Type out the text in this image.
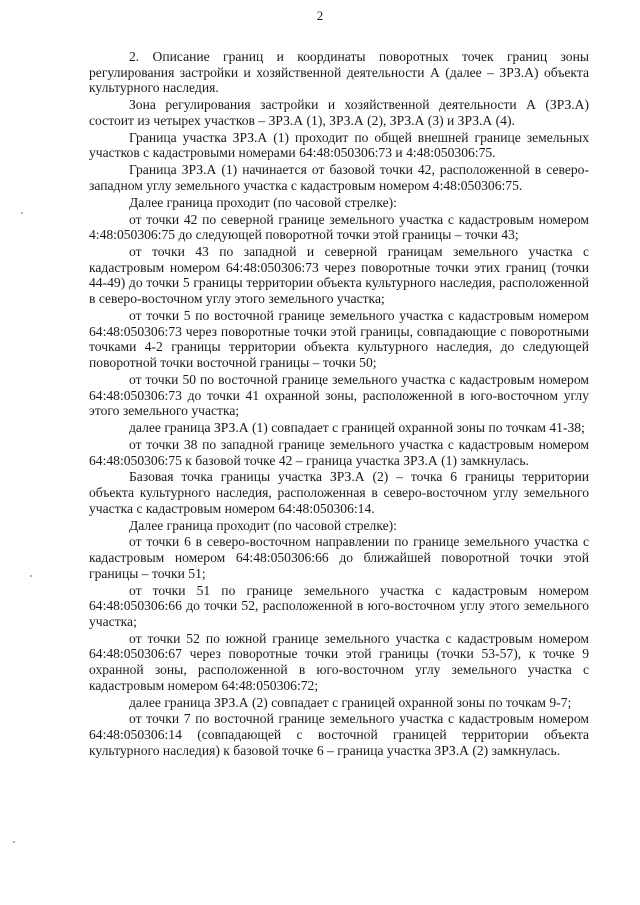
2

2. Описание границ и координаты поворотных точек границ зоны регулирования застройки и хозяйственной деятельности А (далее – ЗРЗ.А) объекта культурного наследия.

Зона регулирования застройки и хозяйственной деятельности А (ЗРЗ.А) состоит из четырех участков – ЗРЗ.А (1), ЗРЗ.А (2), ЗРЗ.А (3) и ЗРЗ.А (4).

Граница участка ЗРЗ.А (1) проходит по общей внешней границе земельных участков с кадастровыми номерами 64:48:050306:73 и 4:48:050306:75.

Граница ЗРЗ.А (1) начинается от базовой точки 42, расположенной в северо-западном углу земельного участка с кадастровым номером 4:48:050306:75.

Далее граница проходит (по часовой стрелке):

от точки 42 по северной границе земельного участка с кадастровым номером 4:48:050306:75 до следующей поворотной точки этой границы – точки 43;

от точки 43 по западной и северной границам земельного участка с кадастровым номером 64:48:050306:73 через поворотные точки этих границ (точки 44-49) до точки 5 границы территории объекта культурного наследия, расположенной в северо-восточном углу этого земельного участка;

от точки 5 по восточной границе земельного участка с кадастровым номером 64:48:050306:73 через поворотные точки этой границы, совпадающие с поворотными точками 4-2 границы территории объекта культурного наследия, до следующей поворотной точки восточной границы – точки 50;

от точки 50 по восточной границе земельного участка с кадастровым номером 64:48:050306:73 до точки 41 охранной зоны, расположенной в юго-восточном углу этого земельного участка;

далее граница ЗРЗ.А (1) совпадает с границей охранной зоны по точкам 41-38;

от точки 38 по западной границе земельного участка с кадастровым номером 64:48:050306:75 к базовой точке 42 – граница участка ЗРЗ.А (1) замкнулась.

Базовая точка границы участка ЗРЗ.А (2) – точка 6 границы территории объекта культурного наследия, расположенная в северо-восточном углу земельного участка с кадастровым номером 64:48:050306:14.

Далее граница проходит (по часовой стрелке):

от точки 6 в северо-восточном направлении по границе земельного участка с кадастровым номером 64:48:050306:66 до ближайшей поворотной точки этой границы – точки 51;

от точки 51 по границе земельного участка с кадастровым номером 64:48:050306:66 до точки 52, расположенной в юго-восточном углу этого земельного участка;

от точки 52 по южной границе земельного участка с кадастровым номером 64:48:050306:67 через поворотные точки этой границы (точки 53-57), к точке 9 охранной зоны, расположенной в юго-восточном углу земельного участка с кадастровым номером 64:48:050306:72;

далее граница ЗРЗ.А (2) совпадает с границей охранной зоны по точкам 9-7;

от точки 7 по восточной границе земельного участка с кадастровым номером 64:48:050306:14 (совпадающей с восточной границей территории объекта культурного наследия) к базовой точке 6 – граница участка ЗРЗ.А (2) замкнулась.
